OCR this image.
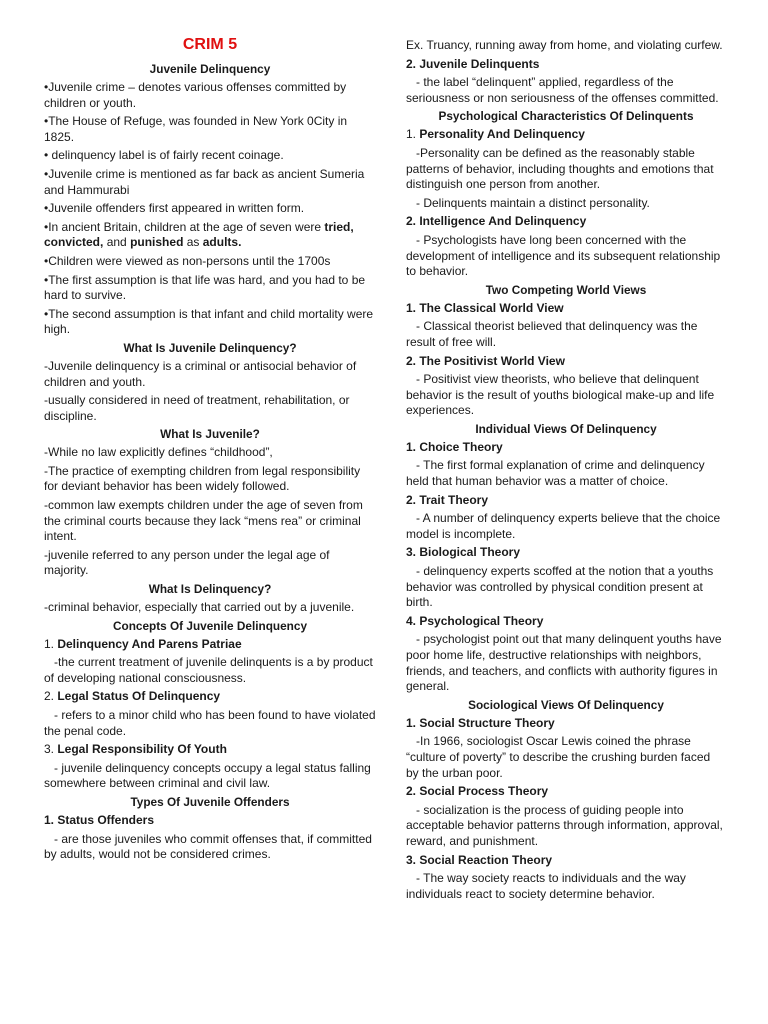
CRIM 5
Juvenile Delinquency
•Juvenile crime – denotes various offenses committed by children or youth.
•The House of Refuge, was founded in New York 0City in 1825.
• delinquency label is of fairly recent coinage.
•Juvenile crime is mentioned as far back as ancient Sumeria and Hammurabi
•Juvenile offenders first appeared in written form.
•In ancient Britain, children at the age of seven were tried, convicted, and punished as adults.
•Children were viewed as non-persons until the 1700s
•The first assumption is that life was hard, and you had to be hard to survive.
•The second assumption is that infant and child mortality were high.
What Is Juvenile Delinquency?
-Juvenile delinquency is a criminal or antisocial behavior of children and youth.
-usually considered in need of treatment, rehabilitation, or discipline.
What Is Juvenile?
-While no law explicitly defines “childhood”,
-The practice of exempting children from legal responsibility for deviant behavior has been widely followed.
-common law exempts children under the age of seven from the criminal courts because they lack “mens rea” or criminal intent.
-juvenile referred to any person under the legal age of majority.
What Is Delinquency?
-criminal behavior, especially that carried out by a juvenile.
Concepts Of Juvenile Delinquency
1. Delinquency And Parens Patriae
-the current treatment of juvenile delinquents is a by product of developing national consciousness.
2. Legal Status Of Delinquency
- refers to a minor child who has been found to have violated the penal code.
3. Legal Responsibility Of Youth
- juvenile delinquency concepts occupy a legal status falling somewhere between criminal and civil law.
Types Of Juvenile Offenders
1. Status Offenders
- are those juveniles who commit offenses that, if committed by adults, would not be considered crimes.
Ex. Truancy, running away from home, and violating curfew.
2. Juvenile Delinquents
- the label “delinquent” applied, regardless of the seriousness or non seriousness of the offenses committed.
Psychological Characteristics Of Delinquents
1. Personality And Delinquency
-Personality can be defined as the reasonably stable patterns of behavior, including thoughts and emotions that distinguish one person from another.
- Delinquents maintain a distinct personality.
2. Intelligence And Delinquency
- Psychologists have long been concerned with the development of intelligence and its subsequent relationship to behavior.
Two Competing World Views
1. The Classical World View
- Classical theorist believed that delinquency was the result of free will.
2. The Positivist World View
- Positivist view theorists, who believe that delinquent behavior is the result of youths biological make-up and life experiences.
Individual Views Of Delinquency
1. Choice Theory
- The first formal explanation of crime and delinquency held that human behavior was a matter of choice.
2. Trait Theory
- A number of delinquency experts believe that the choice model is incomplete.
3. Biological Theory
- delinquency experts scoffed at the notion that a youths behavior was controlled by physical condition present at birth.
4. Psychological Theory
- psychologist point out that many delinquent youths have poor home life, destructive relationships with neighbors, friends, and teachers, and conflicts with authority figures in general.
Sociological Views Of Delinquency
1. Social Structure Theory
-In 1966, sociologist Oscar Lewis coined the phrase “culture of poverty” to describe the crushing burden faced by the urban poor.
2. Social Process Theory
- socialization is the process of guiding people into acceptable behavior patterns through information, approval, reward, and punishment.
3. Social Reaction Theory
- The way society reacts to individuals and the way individuals react to society determine behavior.
